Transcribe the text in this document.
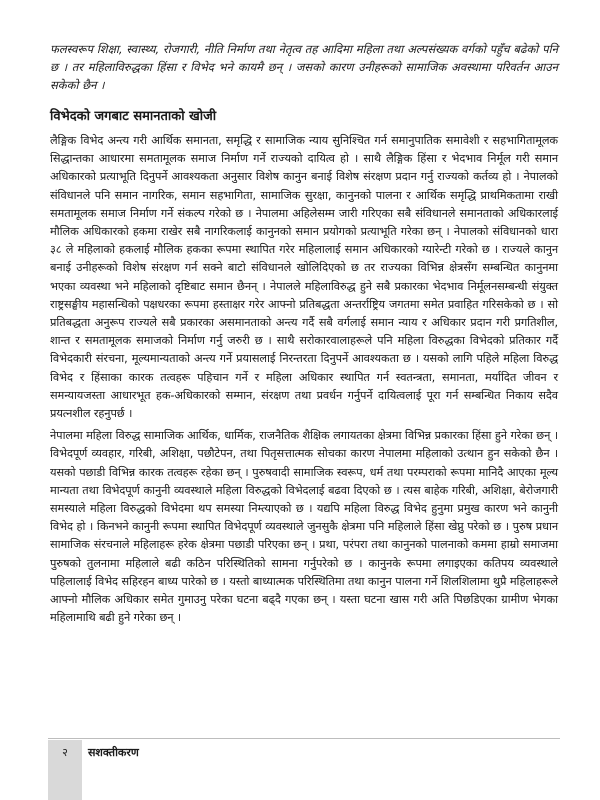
फलस्वरूप शिक्षा, स्वास्थ्य, रोजगारी, नीति निर्माण तथा नेतृत्व तह आदिमा महिला तथा अल्पसंख्यक वर्गको पहुँच बढेको पनि छ । तर महिलाविरुद्धका हिंसा र विभेद भने कायमै छन् । जसको कारण उनीहरूको सामाजिक अवस्थामा परिवर्तन आउन सकेको छैन ।

विभेदको जगबाट समानताको खोजी

लैङ्गिक विभेद अन्त्य गरी आर्थिक समानता, समृद्धि र सामाजिक न्याय सुनिश्चित गर्न समानुपातिक समावेशी र सहभागितामूलक सिद्धान्तका आधारमा समतामूलक समाज निर्माण गर्ने राज्यको दायित्व हो । साथै लैङ्गिक हिंसा र भेदभाव निर्मूल गरी समान अधिकारको प्रत्याभूति दिनुपर्ने आवश्यकता अनुसार विशेष कानुन बनाई विशेष संरक्षण प्रदान गर्नु राज्यको कर्तव्य हो । नेपालको संविधानले पनि समान नागरिक, समान सहभागिता, सामाजिक सुरक्षा, कानुनको पालना र आर्थिक समृद्धि प्राथमिकतामा राखी समतामूलक समाज निर्माण गर्ने संकल्प गरेको छ । नेपालमा अहिलेसम्म जारी गरिएका सबै संविधानले समानताको अधिकारलाई मौलिक अधिकारको हकमा राखेर सबै नागरिकलाई कानुनको समान प्रयोगको प्रत्याभूति गरेका छन् । नेपालको संविधानको धारा ३८ ले महिलाको हकलाई मौलिक हकका रूपमा स्थापित गरेर महिलालाई समान अधिकारको ग्यारेन्टी गरेको छ । राज्यले कानुन बनाई उनीहरूको विशेष संरक्षण गर्न सक्ने बाटो संविधानले खोलिदिएको छ तर राज्यका विभिन्न क्षेत्रसँग सम्बन्धित कानुनमा भएका व्यवस्था भने महिलाको दृष्टिबाट समान छैनन् । नेपालले महिलाविरुद्ध हुने सबै प्रकारका भेदभाव निर्मूलनसम्बन्धी संयुक्त राष्ट्रसङ्घीय महासन्धिको पक्षधरका रूपमा हस्ताक्षर गरेर आफ्नो प्रतिबद्धता अन्तर्राष्ट्रिय जगतमा समेत प्रवाहित गरिसकेको छ । सो प्रतिबद्धता अनुरूप राज्यले सबै प्रकारका असमानताको अन्त्य गर्दै सबै वर्गलाई समान न्याय र अधिकार प्रदान गरी प्रगतिशील, शान्त र समतामूलक समाजको निर्माण गर्नु जरुरी छ । साथै सरोकारवालाहरूले पनि महिला विरुद्धका विभेदको प्रतिकार गर्दै विभेदकारी संरचना, मूल्यमान्यताको अन्त्य गर्ने प्रयासलाई निरन्तरता दिनुपर्ने आवश्यकता छ । यसको लागि पहिले महिला विरुद्ध विभेद र हिंसाका कारक तत्वहरू पहिचान गर्ने र महिला अधिकार स्थापित गर्न स्वतन्त्रता, समानता, मर्यादित जीवन र समन्यायजस्ता आधारभूत हक-अधिकारको सम्मान, संरक्षण तथा प्रवर्धन गर्नुपर्ने दायित्वलाई पूरा गर्न सम्बन्धित निकाय सदैव प्रयत्नशील रहनुपर्छ ।

नेपालमा महिला विरुद्ध सामाजिक आर्थिक, धार्मिक, राजनैतिक शैक्षिक लगायतका क्षेत्रमा विभिन्न प्रकारका हिंसा हुने गरेका छन् । विभेदपूर्ण व्यवहार, गरिबी, अशिक्षा, पछौटेपन, तथा पितृसत्तात्मक सोचका कारण नेपालमा महिलाको उत्थान हुन सकेको छैन । यसको पछाडी विभिन्न कारक तत्वहरू रहेका छन् । पुरुषवादी सामाजिक स्वरूप, धर्म तथा परम्पराको रूपमा मानिदै आएका मूल्य मान्यता तथा विभेदपूर्ण कानुनी व्यवस्थाले महिला विरुद्धको विभेदलाई बढवा दिएको छ । त्यस बाहेक गरिबी, अशिक्षा, बेरोजगारी समस्याले महिला विरुद्धको विभेदमा थप समस्या निम्त्याएको छ । यद्यपि महिला विरुद्ध विभेद हुनुमा प्रमुख कारण भने कानुनी विभेद हो । किनभने कानुनी रूपमा स्थापित विभेदपूर्ण व्यवस्थाले जुनसुकै क्षेत्रमा पनि महिलाले हिंसा खेप्नु परेको छ । पुरुष प्रधान सामाजिक संरचनाले महिलाहरू हरेक क्षेत्रमा पछाडी परिएका छन् । प्रथा, परंपरा तथा कानुनको पालनाको कममा हाम्रो समाजमा पुरुषको तुलनामा महिलाले बढी कठिन परिस्थितिको सामना गर्नुपरेको छ । कानुनके रूपमा लगाइएका कतिपय व्यवस्थाले पहिलालाई विभेद सहिरहन बाध्य पारेको छ । यस्तो बाध्यात्मक परिस्थितिमा तथा कानुन पालना गर्ने शिलशिलामा थुप्रै महिलाहरूले आफ्नो मौलिक अधिकार समेत गुमाउनु परेका घटना बढ्दै गएका छन् । यस्ता घटना खास गरी अति पिछडिएका ग्रामीण भेगका महिलामाथि बढी हुने गरेका छन् ।

२	सशक्तीकरण
